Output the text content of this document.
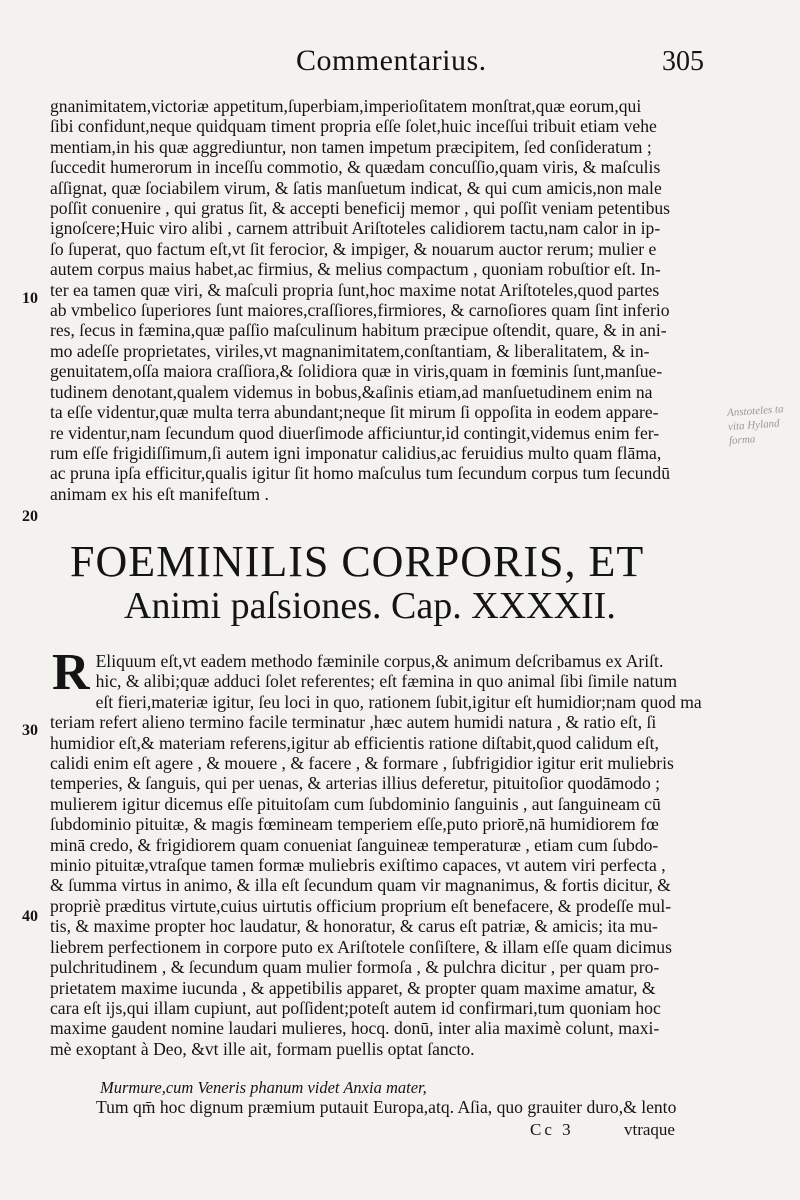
Commentarius.	305
gnanimitatem,victoriæ appetitum,ſuperbiam,imperioſitatem monſtrat,quæ eorum,qui
ſibi confidunt,neque quidquam timent propria eſſe ſolet,huic inceſſui tribuit etiam vehe
mentiam,in his quæ aggrediuntur, non tamen impetum præcipitem, ſed conſideratum ;
ſuccedit humerorum in inceſſu commotio, & quædam concuſſio,quam viris, & maſculis
aſſignat, quæ ſociabilem virum, & ſatis manſuetum indicat, & qui cum amicis,non male
poſſit conuenire , qui gratus ſit, & accepti beneficij memor , qui poſſit veniam petentibus
ignoſcere;Huic viro alibi , carnem attribuit Ariſtoteles calidiorem tactu,nam calor in ip-
ſo ſuperat, quo factum eſt,vt ſit ferocior, & impiger, & nouarum auctor rerum; mulier e
autem corpus maius habet,ac firmius, & melius compactum , quoniam robuſtior eſt. In-
ter ea tamen quæ viri, & maſculi propria ſunt,hoc maxime notat Ariſtoteles,quod partes
ab vmbelico ſuperiores ſunt maiores,craſſiores,firmiores, & carnoſiores quam ſint inferio
res, ſecus in fæmina,quæ paſſio maſculinum habitum præcipue oſtendit, quare, & in ani-
mo adeſſe proprietates, viriles,vt magnanimitatem,conſtantiam, & liberalitatem, & in-
genuitatem,oſſa maiora craſſiora,& ſolidiora quæ in viris,quam in fœminis ſunt,manſue-
tudinem denotant,qualem videmus in bobus,&aſinis etiam,ad manſuetudinem enim na
ta eſſe videntur,quæ multa terra abundant;neque ſit mirum ſi oppoſita in eodem appare-
re videntur,nam ſecundum quod diuerſimode afficiuntur,id contingit,videmus enim fer-
rum eſſe frigidiſſimum,ſi autem igni imponatur calidius,ac feruidius multo quam flāma,
ac pruna ipſa efficitur,qualis igitur ſit homo maſculus tum ſecundum corpus tum ſecundū
animam ex his eſt manifeſtum .
10
20
30
40
Anstoteles ta vita Hyland forma
FOEMINILIS CORPORIS, ET
Animi paſsiones. Cap. XXXXII.
R Eliquum eſt,vt eadem methodo fæminile corpus,& animum deſcribamus ex Ariſt.
hic, & alibi;quæ adduci ſolet referentes; eſt fæmina in quo animal ſibi ſimile natum
eſt fieri,materiæ igitur, ſeu loci in quo, rationem ſubit,igitur eſt humidior;nam quod ma
teriam refert alieno termino facile terminatur ,hæc autem humidi natura , & ratio eſt, ſi
humidior eſt,& materiam referens,igitur ab efficientis ratione diſtabit,quod calidum eſt,
calidi enim eſt agere , & mouere , & facere , & formare , ſubfrigidior igitur erit muliebris
temperies, & ſanguis, qui per uenas, & arterias illius deferetur, pituitoſior quodāmodo ;
mulierem igitur dicemus eſſe pituitoſam cum ſubdominio ſanguinis , aut ſanguineam cū
ſubdominio pituitæ, & magis fœmineam temperiem eſſe,puto priorē,nā humidiorem fœ
minā credo, & frigidiorem quam conueniat ſanguineæ temperaturæ , etiam cum ſubdo-
minio pituitæ,vtraſque tamen formæ muliebris exiſtimo capaces, vt autem viri perfecta ,
& ſumma virtus in animo, & illa eſt ſecundum quam vir magnanimus, & fortis dicitur, &
propriè præditus virtute,cuius uirtutis officium proprium eſt benefacere, & prodeſſe mul-
tis, & maxime propter hoc laudatur, & honoratur, & carus eſt patriæ, & amicis; ita mu-
liebrem perfectionem in corpore puto ex Ariſtotele conſiſtere, & illam eſſe quam dicimus
pulchritudinem , & ſecundum quam mulier formoſa , & pulchra dicitur , per quam pro-
prietatem maxime iucunda , & appetibilis apparet, & propter quam maxime amatur, &
cara eſt ijs,qui illam cupiunt, aut poſſident;poteſt autem id confirmari,tum quoniam hoc
maxime gaudent nomine laudari mulieres, hocq. donū, inter alia maximè colunt, maxi-
mè exoptant à Deo, &vt ille ait, formam puellis optat ſancto.
Murmure,cum Veneris phanum videt Anxia mater,
Tum qm̄ hoc dignum præmium putauit Europa,atq. Aſia, quo grauiter duro,& lento
Cc 3	vtraque
